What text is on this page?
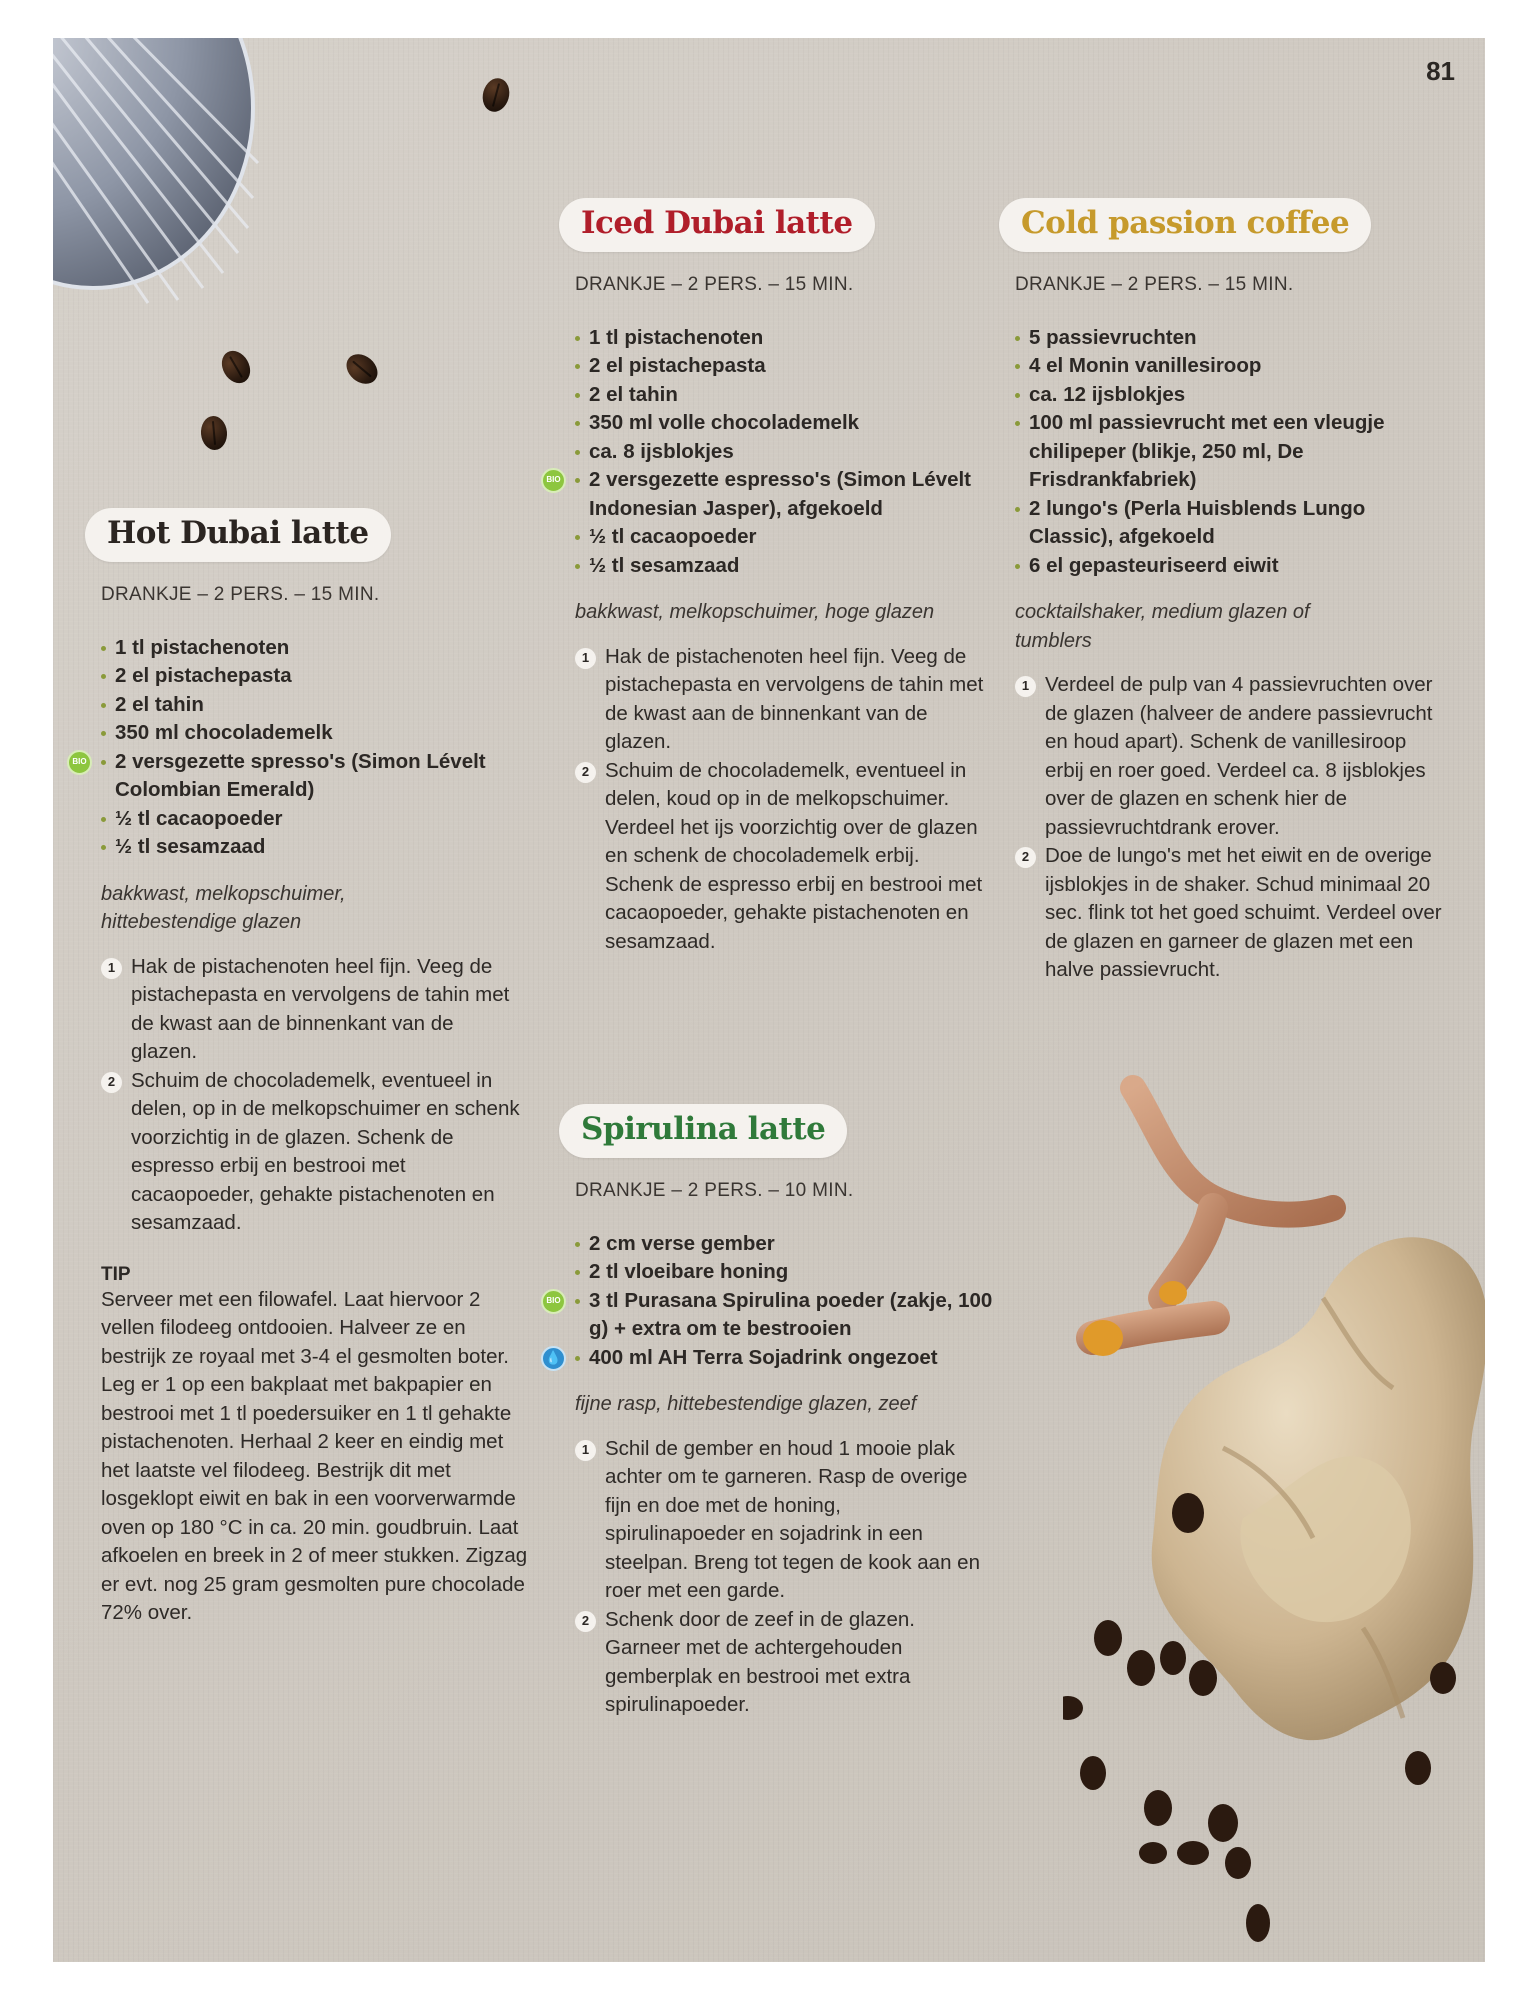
81
Hot Dubai latte
DRANKJE – 2 PERS. – 15 MIN.
1 tl pistachenoten
2 el pistachepasta
2 el tahin
350 ml chocolademelk
BIO 2 versgezette spresso's (Simon Lévelt Colombian Emerald)
½ tl cacaopoeder
½ tl sesamzaad
bakkwast, melkopschuimer, hittebestendige glazen
1 Hak de pistachenoten heel fijn. Veeg de pistachepasta en vervolgens de tahin met de kwast aan de binnenkant van de glazen.
2 Schuim de chocolademelk, eventueel in delen, op in de melkopschuimer en schenk voorzichtig in de glazen. Schenk de espresso erbij en bestrooi met cacaopoeder, gehakte pistachenoten en sesamzaad.
TIP
Serveer met een filowafel. Laat hiervoor 2 vellen filodeeg ontdooien. Halveer ze en bestrijk ze royaal met 3-4 el gesmolten boter. Leg er 1 op een bakplaat met bakpapier en bestrooi met 1 tl poedersuiker en 1 tl gehakte pistachenoten. Herhaal 2 keer en eindig met het laatste vel filodeeg. Bestrijk dit met losgeklopt eiwit en bak in een voorverwarmde oven op 180 °C in ca. 20 min. goudbruin. Laat afkoelen en breek in 2 of meer stukken. Zigzag er evt. nog 25 gram gesmolten pure chocolade 72% over.
Iced Dubai latte
DRANKJE – 2 PERS. – 15 MIN.
1 tl pistachenoten
2 el pistachepasta
2 el tahin
350 ml volle chocolademelk
ca. 8 ijsblokjes
BIO 2 versgezette espresso's (Simon Lévelt Indonesian Jasper), afgekoeld
½ tl cacaopoeder
½ tl sesamzaad
bakkwast, melkopschuimer, hoge glazen
1 Hak de pistachenoten heel fijn. Veeg de pistachepasta en vervolgens de tahin met de kwast aan de binnenkant van de glazen.
2 Schuim de chocolademelk, eventueel in delen, koud op in de melkopschuimer. Verdeel het ijs voorzichtig over de glazen en schenk de chocolademelk erbij. Schenk de espresso erbij en bestrooi met cacaopoeder, gehakte pistachenoten en sesamzaad.
Cold passion coffee
DRANKJE – 2 PERS. – 15 MIN.
5 passievruchten
4 el Monin vanillesiroop
ca. 12 ijsblokjes
100 ml passievrucht met een vleugje chilipeper (blikje, 250 ml, De Frisdrankfabriek)
2 lungo's (Perla Huisblends Lungo Classic), afgekoeld
6 el gepasteuriseerd eiwit
cocktailshaker, medium glazen of tumblers
1 Verdeel de pulp van 4 passievruchten over de glazen (halveer de andere passievrucht en houd apart). Schenk de vanillesiroop erbij en roer goed. Verdeel ca. 8 ijsblokjes over de glazen en schenk hier de passievruchtdrank erover.
2 Doe de lungo's met het eiwit en de overige ijsblokjes in de shaker. Schud minimaal 20 sec. flink tot het goed schuimt. Verdeel over de glazen en garneer de glazen met een halve passievrucht.
Spirulina latte
DRANKJE – 2 PERS. – 10 MIN.
2 cm verse gember
2 tl vloeibare honing
BIO 3 tl Purasana Spirulina poeder (zakje, 100 g) + extra om te bestrooien
💧 400 ml AH Terra Sojadrink ongezoet
fijne rasp, hittebestendige glazen, zeef
1 Schil de gember en houd 1 mooie plak achter om te garneren. Rasp de overige fijn en doe met de honing, spirulinapoeder en sojadrink in een steelpan. Breng tot tegen de kook aan en roer met een garde.
2 Schenk door de zeef in de glazen. Garneer met de achtergehouden gemberplak en bestrooi met extra spirulinapoeder.
